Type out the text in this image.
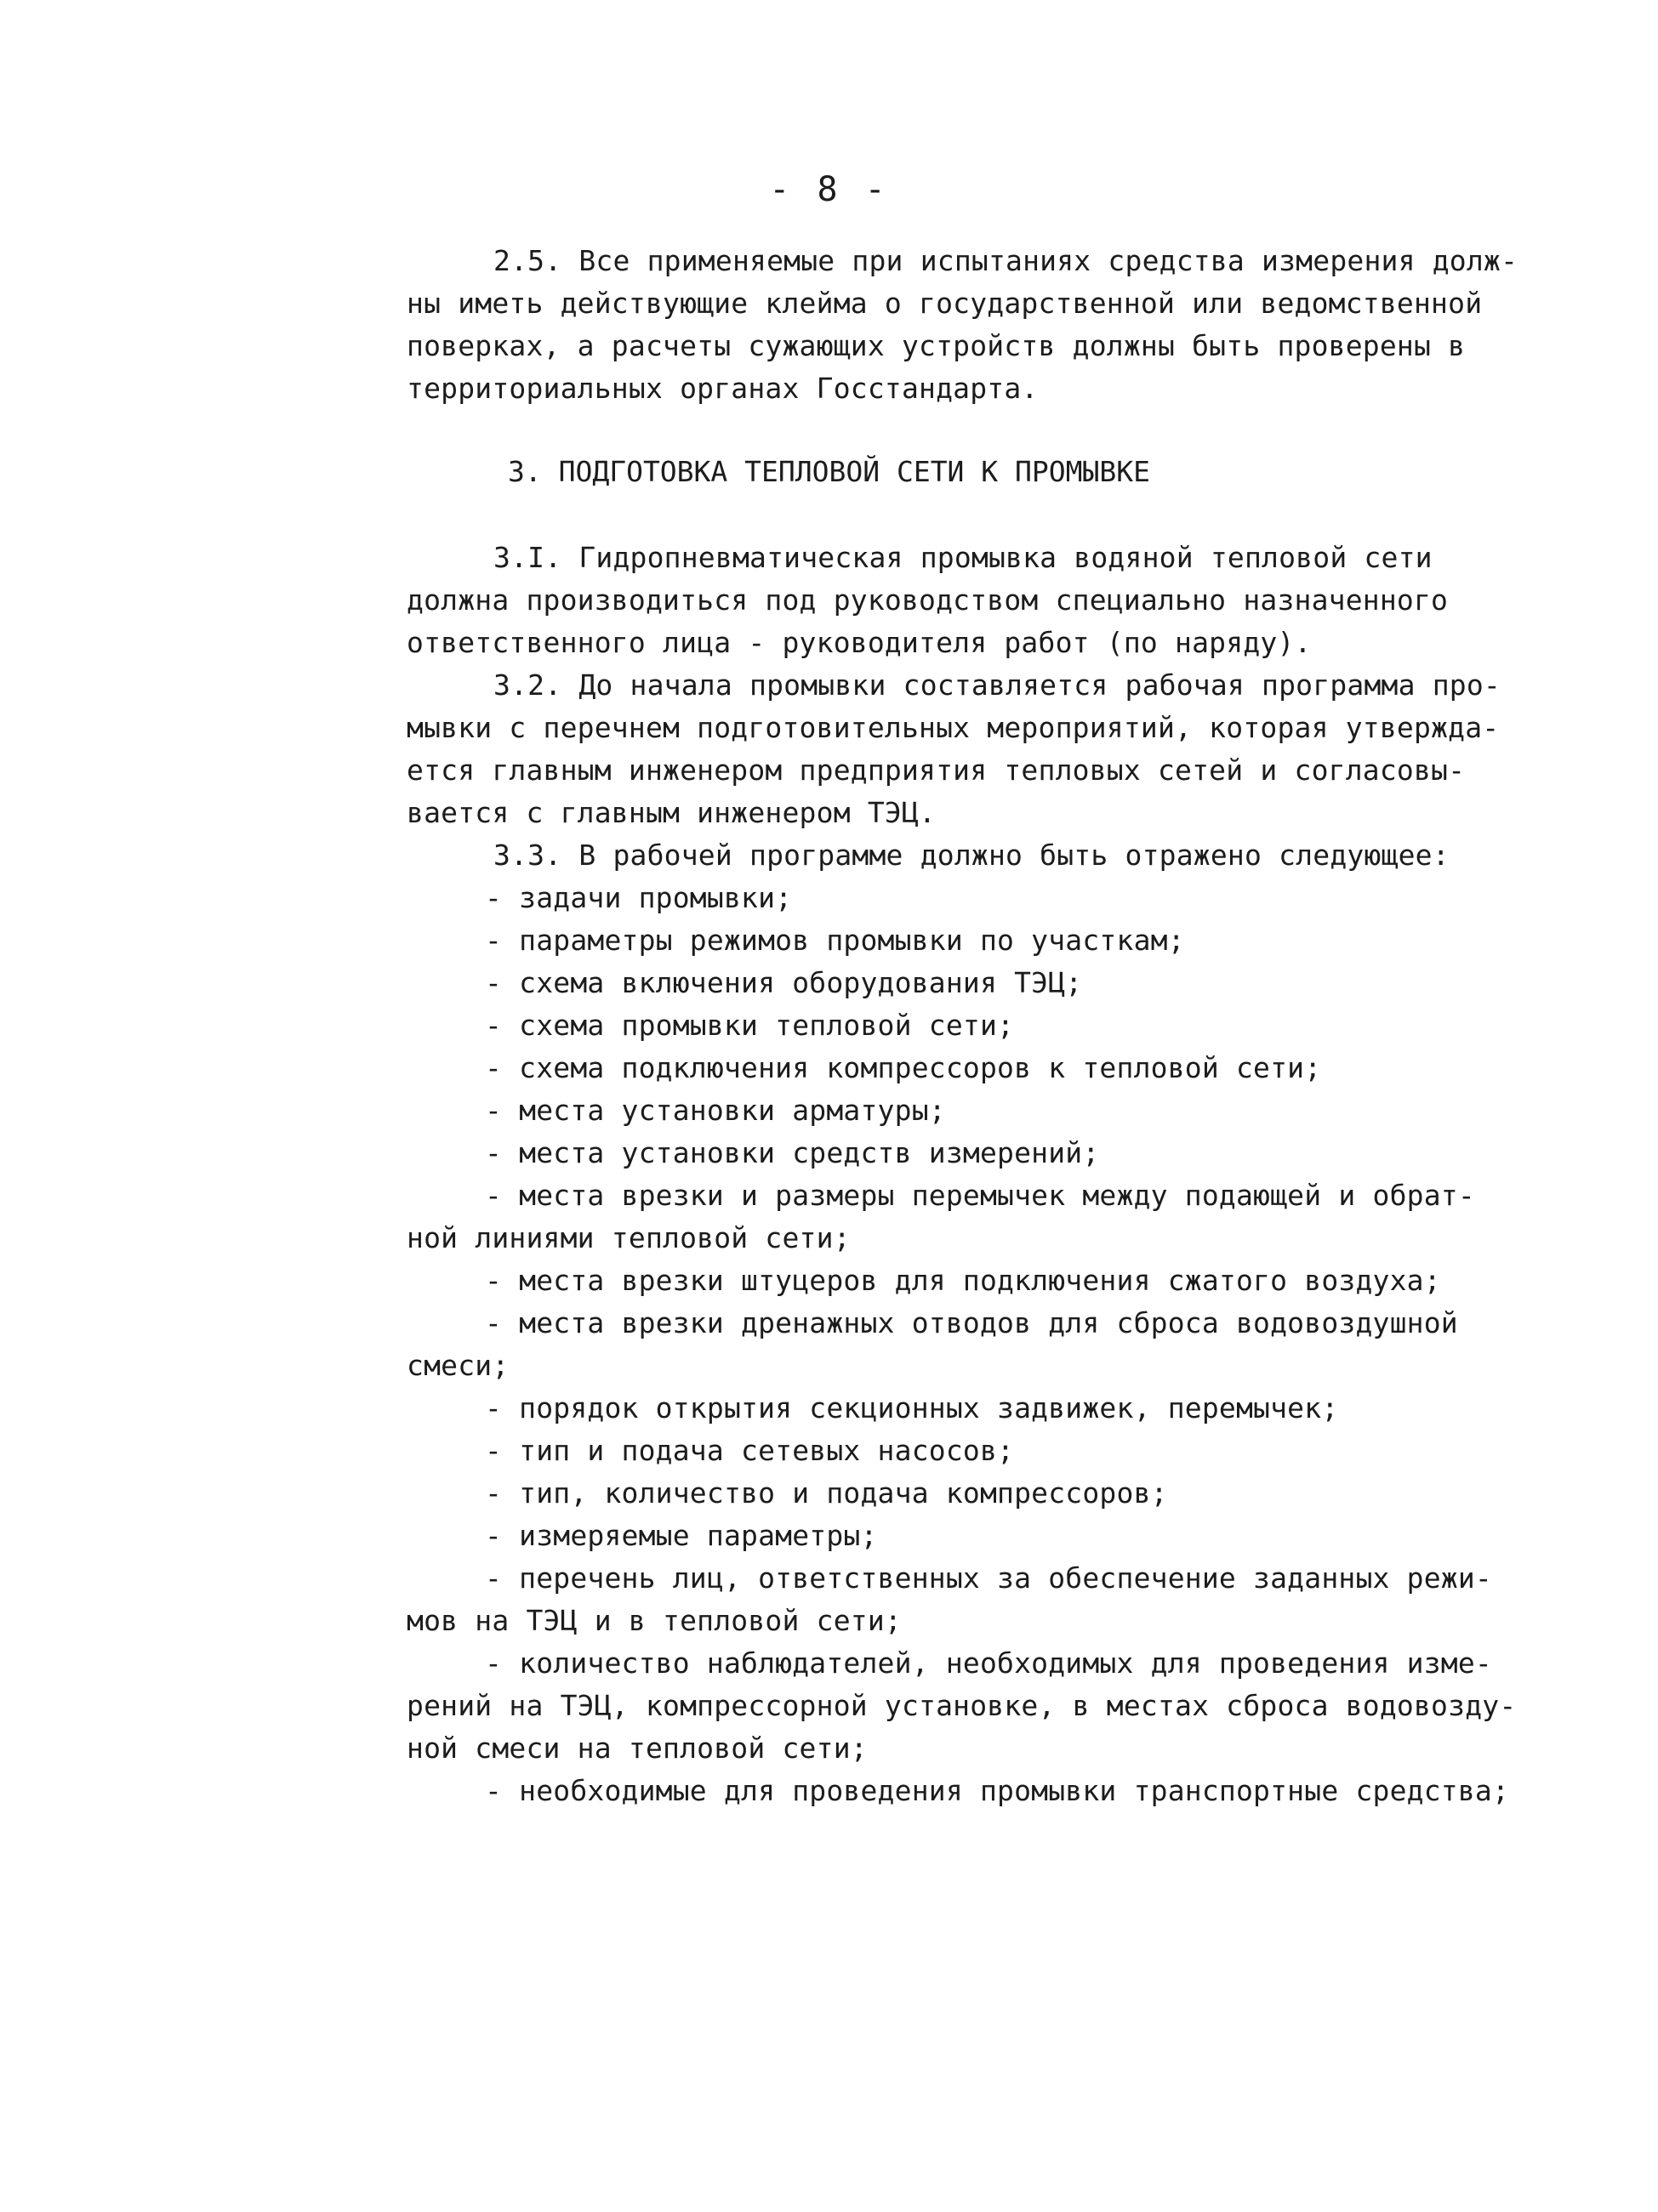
- 8 -
2.5. Все применяемые при испытаниях средства измерения долж-
ны иметь действующие клейма о государственной или ведомственной
поверках, а расчеты сужающих устройств должны быть проверены в
территориальных органах Госстандарта.
3. ПОДГОТОВКА ТЕПЛОВОЙ СЕТИ К ПРОМЫВКЕ
3.I. Гидропневматическая промывка водяной тепловой сети
должна производиться под руководством специально назначенного
ответственного лица - руководителя работ (по наряду).
3.2. До начала промывки составляется рабочая программа про-
мывки с перечнем подготовительных мероприятий, которая утвержда-
ется главным инженером предприятия тепловых сетей и согласовы-
вается с главным инженером ТЭЦ.
3.3. В рабочей программе должно быть отражено следующее:
- задачи промывки;
- параметры режимов промывки по участкам;
- схема включения оборудования ТЭЦ;
- схема промывки тепловой сети;
- схема подключения компрессоров к тепловой сети;
- места установки арматуры;
- места установки средств измерений;
- места врезки и размеры перемычек между подающей и обрат-
ной линиями тепловой сети;
- места врезки штуцеров для подключения сжатого воздуха;
- места врезки дренажных отводов для сброса водовоздушной
смеси;
- порядок открытия секционных задвижек, перемычек;
- тип и подача сетевых насосов;
- тип, количество и подача компрессоров;
- измеряемые параметры;
- перечень лиц, ответственных за обеспечение заданных режи-
мов на ТЭЦ и в тепловой сети;
- количество наблюдателей, необходимых для проведения изме-
рений на ТЭЦ, компрессорной установке, в местах сброса водовозду-
ной смеси на тепловой сети;
- необходимые для проведения промывки транспортные средства;
